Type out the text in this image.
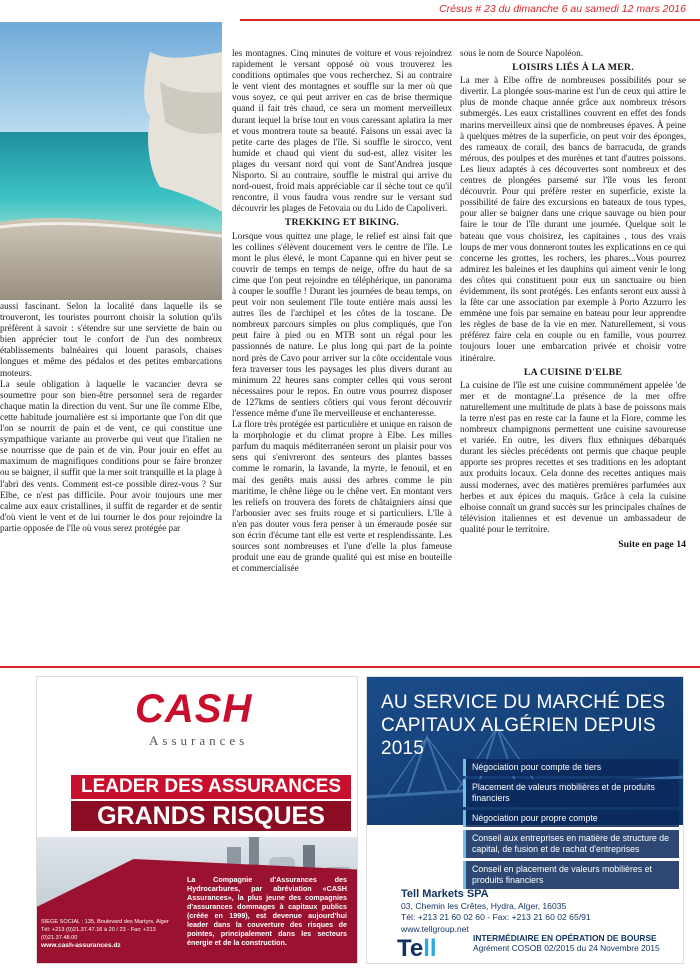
Crésus # 23 du dimanche 6 au samedi 12 mars 2016

aussi fascinant. Selon la localité dans laquelle ils se trouveront, les touristes pourront choisir la solution qu'ils préfèrent à savoir : s'étendre sur une serviette de bain ou bien apprécier tout le confort de l'un des nombreux établissements balnéaires qui louent parasols, chaises longues et même des pédalos et des petites embarcations moteurs.

La seule obligation à laquelle le vacancier devra se soumettre pour son bien-être personnel sera de regarder chaque matin la direction du vent. Sur une île comme Elbe, cette habitude journalière est si importante que l'on dit que l'on se nourrit de pain et de vent, ce qui constitue une sympathique variante au proverbe qui veut que l'italien ne se nourrisse que de pain et de vin. Pour jouir en effet au maximum de magnifiques conditions pour se faire bronzer ou se baigner, il suffit que la mer soit tranquille et la plage à l'abri des vents. Comment est-ce possible direz-vous ? Sur Elbe, ce n'est pas difficile. Pour avoir toujours une mer calme aux eaux cristallines, il suffit de regarder et de sentir d'où vient le vent et de lui tourner le dos pour rejoindre la partie opposée de l'île où vous serez protégée par

les montagnes. Cinq minutes de voiture et vous rejoindrez rapidement le versant opposé où vous trouverez les conditions optimales que vous recherchez. Si au contraire le vent vient des montagnes et souffle sur la mer où que vous soyez, ce qui peut arriver en cas de brise thermique quand il fait très chaud, ce sera un moment merveilleux durant lequel la brise tout en vous caressant aplatira la mer et vous montrera toute sa beauté. Faisons un essai avec la petite carte des plages de l'île. Si souffle le sirocco, vent humide et chaud qui vient du sud-est, allez visiter les plages du versant nord qui vont de Sant'Andrea jusque Nisporto. Si au contraire, souffle le mistral qui arrive du nord-ouest, froid mais appréciable car il sèche tout ce qu'il rencontre, il vous faudra vous rendre sur le versant sud découvrir les plages de Fetovaia ou du Lido de Capoliveri.

TREKKING ET BIKING.

Lorsque vous quittez une plage, le relief est ainsi fait que les collines s'élèvent doucement vers le centre de l'île. Le mont le plus élevé, le mont Capanne qui en hiver peut se couvrir de temps en temps de neige, offre du haut de sa cime que l'on peut rejoindre en téléphérique, un panorama à couper le souffle ! Durant les journées de beau temps, on peut voir non seulement l'île toute entière mais aussi les autres îles de l'archipel et les côtes de la toscane. De nombreux parcours simples ou plus compliqués, que l'on peut faire à pied ou en MTB sont un régal pour les passionnés de nature. Le plus long qui part de la pointe nord près de Cavo pour arriver sur la côte occidentale vous fera traverser tous les paysages les plus divers durant au minimum 22 heures sans compter celles qui vous seront nécessaires pour le repos. En outre vous pourrez disposer de 127kms de sentiers côtiers qui vous feront découvrir l'essence même d'une île merveilleuse et enchanteresse.

La flore très protégée est particulière et unique en raison de la morphologie et du climat propre à Elbe. Les milles parfum du maquis méditerranéen seront un plaisir pour vos sens qui s'enivreront des senteurs des plantes basses comme le romarin, la lavande, la myrte, le fenouil, et en mai des genêts mais aussi des arbres comme le pin maritime, le chêne liège ou le chêne vert. En montant vers les reliefs on trouvera des forets de châtaigniers ainsi que l'arbousier avec ses fruits rouge et si particuliers. L'île à n'en pas douter vous fera penser à un émeraude posée sur son écrin d'écume tant elle est verte et resplendissante. Les sources sont nombreuses et l'une d'elle la plus fameuse produit une eau de grande qualité qui est mise en bouteille et commercialisée

sous le nom de Source Napoléon.

LOISIRS LIÉS À LA MER.

La mer à Elbe offre de nombreuses possibilités pour se divertir. La plongée sous-marine est l'un de ceux qui attire le plus de monde chaque année grâce aux nombreux trésors submergés. Les eaux cristallines couvrent en effet des fonds marins merveilleux ainsi que de nombreuses épaves. À peine à quelques mètres de la superficie, on peut voir des éponges, des rameaux de corail, des bancs de barracuda, de grands mérous, des poulpes et des murènes et tant d'autres poissons. Les lieux adaptés à ces découvertes sont nombreux et des centres de plongées parsemé sur l'île vous les feront découvrir. Pour qui préfère rester en superficie, existe la possibilité de faire des excursions en bateaux de tous types, pour aller se baigner dans une crique sauvage ou bien pour faire le tour de l'île durant une journée. Quelque soit le bateau que vous choisirez, les capitaines , tous des vrais loups de mer vous donneront toutes les explications en ce qui concerne les grottes, les rochers, les phares...Vous pourrez admirez les baleines et les dauphins qui aiment venir le long des côtes qui constituent pour eux un sanctuaire ou bien évidemment, ils sont protégés. Les enfants seront eux aussi à la fête car une association par exemple à Porto Azzurro les emmène une fois par semaine en bateau pour leur apprendre les règles de base de la vie en mer. Naturellement, si vous préférez faire cela en couple ou en famille, vous pourrez toujours louer une embarcation privée et choisir votre itinéraire.

LA CUISINE D'ELBE

La cuisine de l'île est une cuisine communément appelée 'de mer et de montagne'.La présence de la mer offre naturellement une multitude de plats à base de poissons mais la terre n'est pas en reste car la faune et la Flore, comme les nombreux champignons permettent une cuisine savoureuse et variée. En outre, les divers flux ethniques débarqués durant les siècles précédents ont permis que chaque peuple apporte ses propres recettes et ses traditions en les adoptant aux produits locaux. Cela donne des recettes antiques mais aussi modernes, avec des matières premières parfumées aux herbes et aux épices du maquis. Grâce à cela la cuisine elboise connaît un grand succès sur les principales chaînes de télévision italiennes et est devenue un ambassadeur de qualité pour le territoire.

Suite en page 14

CASH
Assurances
LEADER DES ASSURANCES
GRANDS RISQUES
La Compagnie d'Assurances des Hydrocarbures, par abréviation «CASH Assurances», la plus jeune des compagnies d'assurances dommages à capitaux publics (créée en 1999), est devenue aujourd'hui leader dans la couverture des risques de pointes, principalement dans les secteurs énergie et de la construction.
SIEGE SOCIAL : 135, Boulevard des Martyrs, Alger
Tél: +213 (0)21.37.47.16 à 20 / 23 - Fax: +213 (0)21.37.48.00
www.cash-assurances.dz
AU SERVICE DU MARCHÉ DES CAPITAUX ALGÉRIEN DEPUIS 2015
Négociation pour compte de tiers
Placement de valeurs mobilières et de produits financiers
Négociation pour propre compte
Conseil aux entreprises en matière de structure de capital, de fusion et de rachat d'entreprises
Conseil en placement de valeurs mobilières et produits financiers
Tell Markets SPA
03, Chemin les Crêtes, Hydra, Alger, 16035
Tél: +213 21 60 02 60 - Fax: +213 21 60 02 65/91
www.tellgroup.net
Tell	INTERMÉDIAIRE EN OPÉRATION DE BOURSE
Agrément COSOB 02/2015 du 24 Novembre 2015
